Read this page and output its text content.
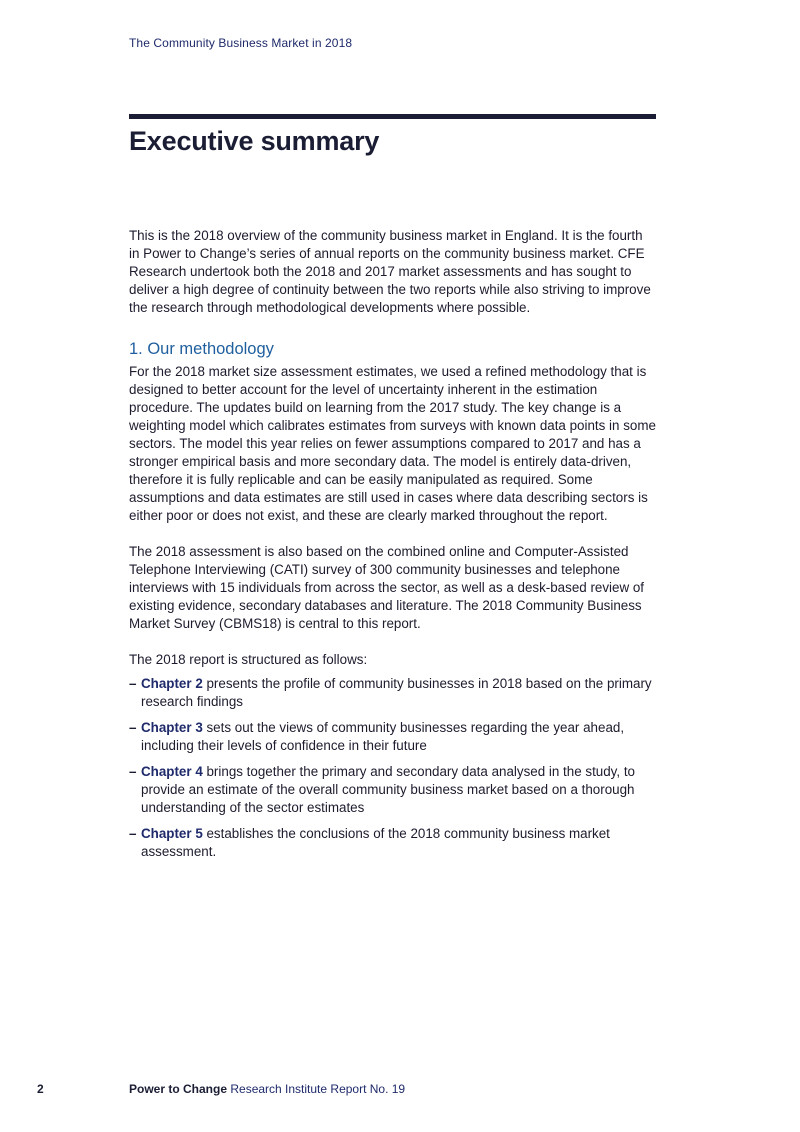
The Community Business Market in 2018
Executive summary

This is the 2018 overview of the community business market in England. It is the fourth in Power to Change’s series of annual reports on the community business market. CFE Research undertook both the 2018 and 2017 market assessments and has sought to deliver a high degree of continuity between the two reports while also striving to improve the research through methodological developments where possible.

1. Our methodology

For the 2018 market size assessment estimates, we used a refined methodology that is designed to better account for the level of uncertainty inherent in the estimation procedure. The updates build on learning from the 2017 study. The key change is a weighting model which calibrates estimates from surveys with known data points in some sectors. The model this year relies on fewer assumptions compared to 2017 and has a stronger empirical basis and more secondary data. The model is entirely data-driven, therefore it is fully replicable and can be easily manipulated as required. Some assumptions and data estimates are still used in cases where data describing sectors is either poor or does not exist, and these are clearly marked throughout the report.

The 2018 assessment is also based on the combined online and Computer-Assisted Telephone Interviewing (CATI) survey of 300 community businesses and telephone interviews with 15 individuals from across the sector, as well as a desk-based review of existing evidence, secondary databases and literature. The 2018 Community Business Market Survey (CBMS18) is central to this report.

The 2018 report is structured as follows:

– Chapter 2 presents the profile of community businesses in 2018 based on the primary research findings
– Chapter 3 sets out the views of community businesses regarding the year ahead, including their levels of confidence in their future
– Chapter 4 brings together the primary and secondary data analysed in the study, to provide an estimate of the overall community business market based on a thorough understanding of the sector estimates
– Chapter 5 establishes the conclusions of the 2018 community business market assessment.
2	Power to Change Research Institute Report No. 19
